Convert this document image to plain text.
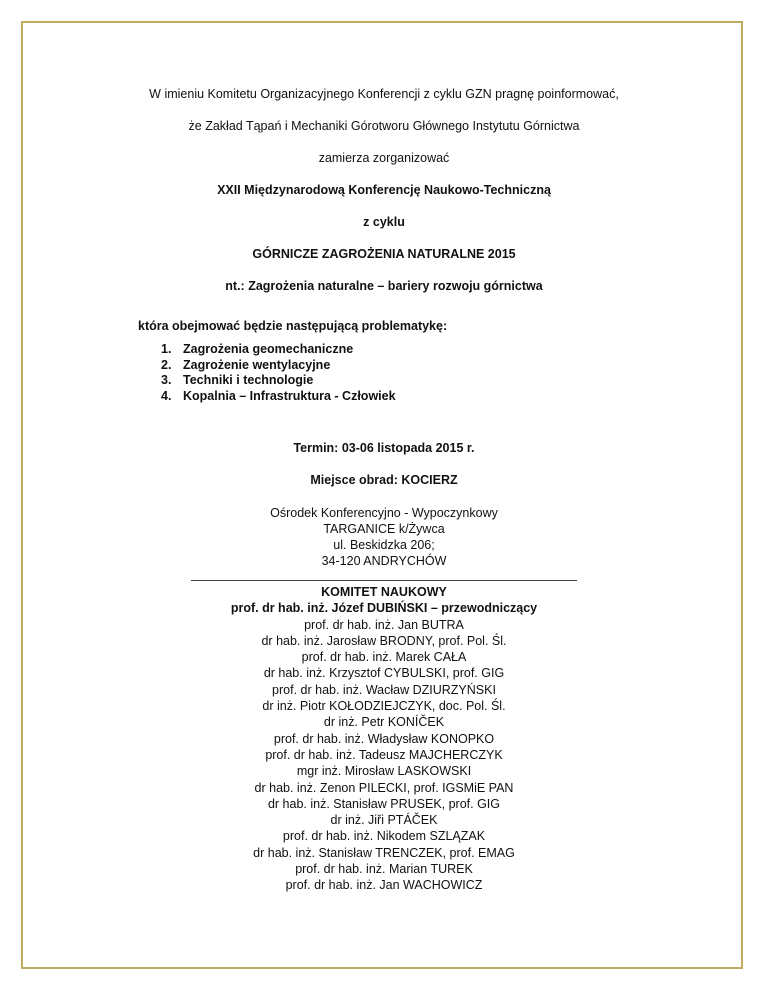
W imieniu Komitetu Organizacyjnego Konferencji z cyklu GZN pragnę poinformować,
że Zakład Tąpań i Mechaniki Górotworu Głównego Instytutu Górnictwa
zamierza zorganizować
XXII Międzynarodową Konferencję Naukowo-Techniczną
z cyklu
GÓRNICZE ZAGROŻENIA NATURALNE 2015
nt.: Zagrożenia naturalne – bariery rozwoju górnictwa
która obejmować będzie następującą problematykę:
1. Zagrożenia geomechaniczne
2. Zagrożenie wentylacyjne
3. Techniki i technologie
4. Kopalnia – Infrastruktura - Człowiek
Termin: 03-06 listopada 2015 r.
Miejsce obrad: KOCIERZ
Ośrodek Konferencyjno - Wypoczynkowy
TARGANICE k/Żywca
ul. Beskidzka 206;
34-120 ANDRYCHÓW
KOMITET NAUKOWY
prof. dr hab. inż. Józef DUBIŃSKI – przewodniczący
prof. dr hab. inż. Jan BUTRA
dr hab. inż. Jarosław BRODNY, prof. Pol. Śl.
prof. dr hab. inż. Marek CAŁA
dr hab. inż. Krzysztof CYBULSKI, prof. GIG
prof. dr hab. inż. Wacław DZIURZYŃSKI
dr inż. Piotr KOŁODZIEJCZYK, doc. Pol. Śl.
dr inż. Petr KONÍČEK
prof. dr hab. inż. Władysław KONOPKO
prof. dr hab. inż. Tadeusz MAJCHERCZYK
mgr inż. Mirosław LASKOWSKI
dr hab. inż. Zenon PILECKI, prof. IGSMiE PAN
dr hab. inż. Stanisław PRUSEK, prof. GIG
dr inż. Jiři PTÁČEK
prof. dr hab. inż. Nikodem SZLĄZAK
dr hab. inż. Stanisław TRENCZEK, prof. EMAG
prof. dr hab. inż. Marian TUREK
prof. dr hab. inż. Jan WACHOWICZ
